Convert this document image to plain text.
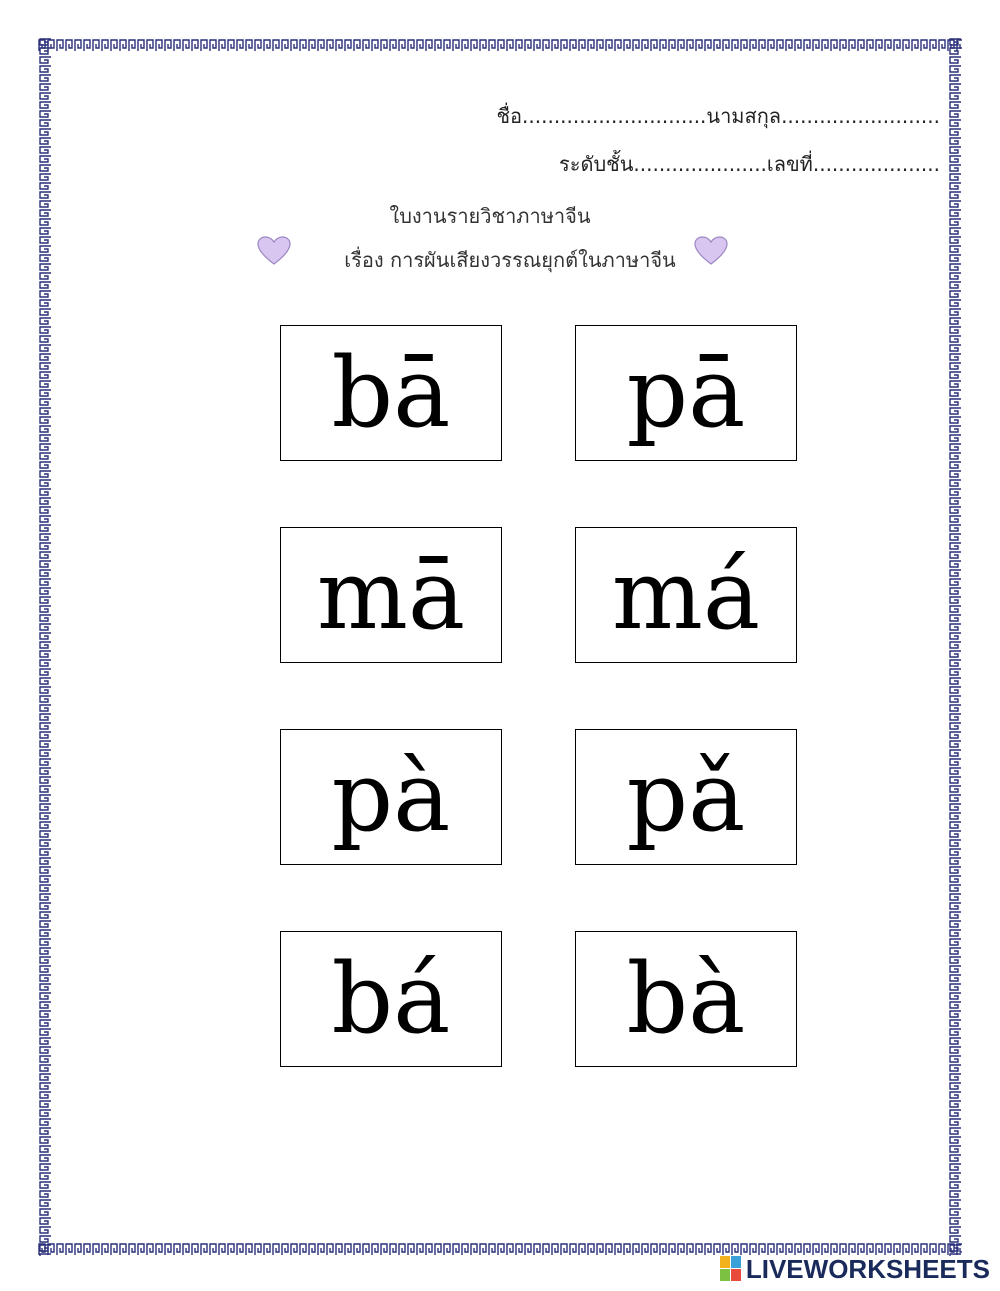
ชื่อ.............................นามสกุล.........................
ระดับชั้น.....................เลขที่....................
ใบงานรายวิชาภาษาจีน
เรื่อง การผันเสียงวรรณยุกต์ในภาษาจีน
bā pā
mā má
pà pǎ
bá bà
LIVEWORKSHEETS
